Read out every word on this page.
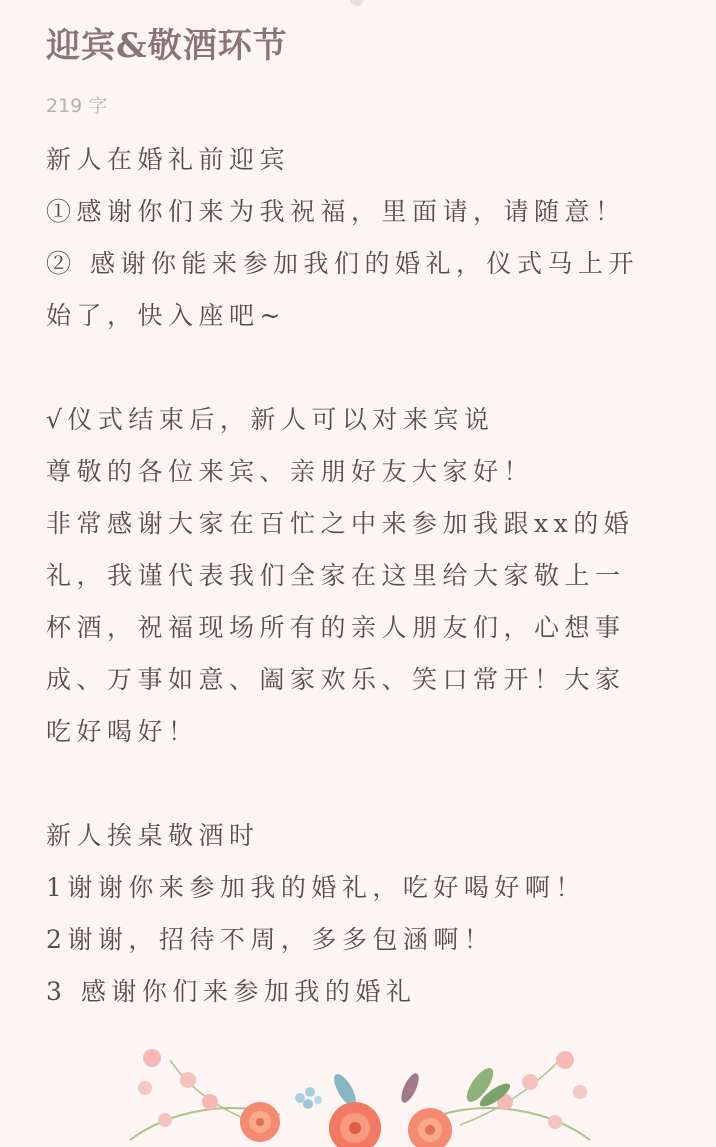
迎宾&敬酒环节
219 字
新人在婚礼前迎宾
①感谢你们来为我祝福，里面请，请随意！
② 感谢你能来参加我们的婚礼，仪式马上开
始了，快入座吧~
√仪式结束后，新人可以对来宾说
尊敬的各位来宾、亲朋好友大家好！
非常感谢大家在百忙之中来参加我跟xx的婚
礼，我谨代表我们全家在这里给大家敬上一
杯酒，祝福现场所有的亲人朋友们，心想事
成、万事如意、阖家欢乐、笑口常开！大家
吃好喝好！
新人挨桌敬酒时
1谢谢你来参加我的婚礼，吃好喝好啊！
2谢谢，招待不周，多多包涵啊！
3 感谢你们来参加我的婚礼
